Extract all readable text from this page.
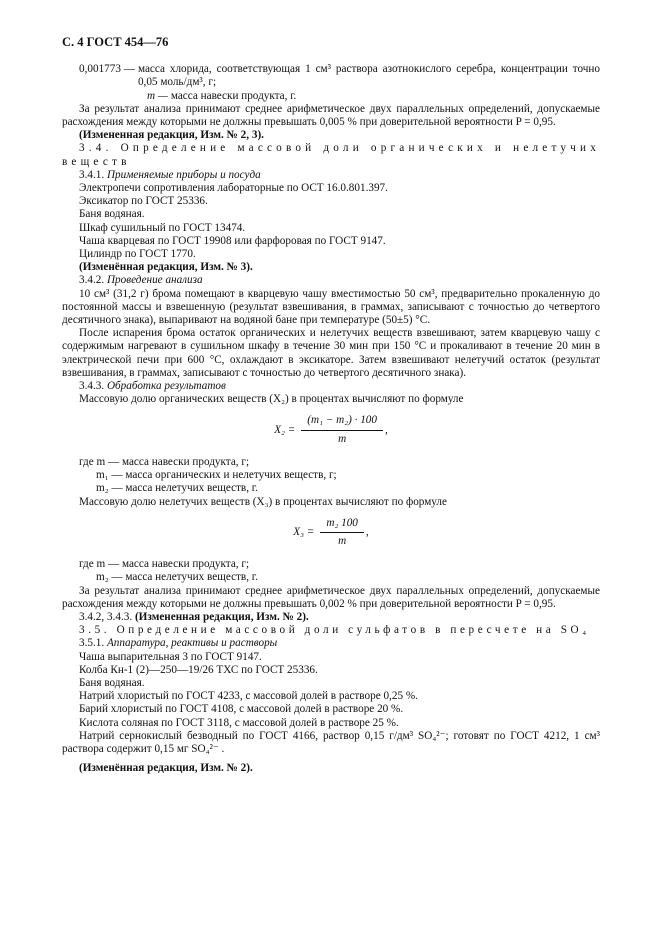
С. 4 ГОСТ 454—76
0,001773 — масса хлорида, соответствующая 1 см³ раствора азотнокислого серебра, концентрации точно 0,05 моль/дм³, г;
m — масса навески продукта, г.

За результат анализа принимают среднее арифметическое двух параллельных определений, допускаемые расхождения между которыми не должны превышать 0,005 % при доверительной вероятности P = 0,95.

(Измененная редакция, Изм. № 2, 3).

3.4. Определение массовой доли органических и нелетучих веществ

3.4.1. Применяемые приборы и посуда

Электропечи сопротивления лабораторные по ОСТ 16.0.801.397.

Эксикатор по ГОСТ 25336.

Баня водяная.

Шкаф сушильный по ГОСТ 13474.

Чаша кварцевая по ГОСТ 19908 или фарфоровая по ГОСТ 9147.

Цилиндр по ГОСТ 1770.

(Изменённая редакция, Изм. № 3).

3.4.2. Проведение анализа

10 см³ (31,2 г) брома помещают в кварцевую чашу вместимостью 50 см³, предварительно прокаленную до постоянной массы и взвешенную (результат взвешивания, в граммах, записывают с точностью до четвертого десятичного знака), выпаривают на водяной бане при температуре (50±5) °С.

После испарения брома остаток органических и нелетучих веществ взвешивают, затем кварцевую чашу с содержимым нагревают в сушильном шкафу в течение 30 мин при 150 °С и прокаливают в течение 20 мин в электрической печи при 600 °С, охлаждают в эксикаторе. Затем взвешивают нелетучий остаток (результат взвешивания, в граммах, записывают с точностью до четвертого десятичного знака).

3.4.3. Обработка результатов

Массовую долю органических веществ (X₂) в процентах вычисляют по формуле

$X_2 = \frac{\text{(m₁ − m₂) · 100}}{m}$ ,

где m — масса навески продукта, г;

m₁ — масса органических и нелетучих веществ, г;

m₂ — масса нелетучих веществ, г.

Массовую долю нелетучих веществ (X₃) в процентах вычисляют по формуле

$X_3 = \frac{\text{m₂ 100}}{m}$ ,

где m — масса навески продукта, г;

m₂ — масса нелетучих веществ, г.

За результат анализа принимают среднее арифметическое двух параллельных определений, допускаемые расхождения между которыми не должны превышать 0,002 % при доверительной вероятности P = 0,95.

3.4.2, 3.4.3. (Измененная редакция, Изм. № 2).

3.5. Определение массовой доли сульфатов в пересчете на SO₄

3.5.1. Аппаратура, реактивы и растворы

Чаша выпарительная 3 по ГОСТ 9147.

Колба Кн-1 (2)—250—19/26 ТХС по ГОСТ 25336.

Баня водяная.

Натрий хлористый по ГОСТ 4233, с массовой долей в растворе 0,25 %.

Барий хлористый по ГОСТ 4108, с массовой долей в растворе 20 %.

Кислота соляная по ГОСТ 3118, с массовой долей в растворе 25 %.

Натрий сернокислый безводный по ГОСТ 4166, раствор 0,15 г/дм³ SO₄²⁻; готовят по ГОСТ 4212, 1 см³ раствора содержит 0,15 мг SO₄²⁻ .

(Изменённая редакция, Изм. № 2).
